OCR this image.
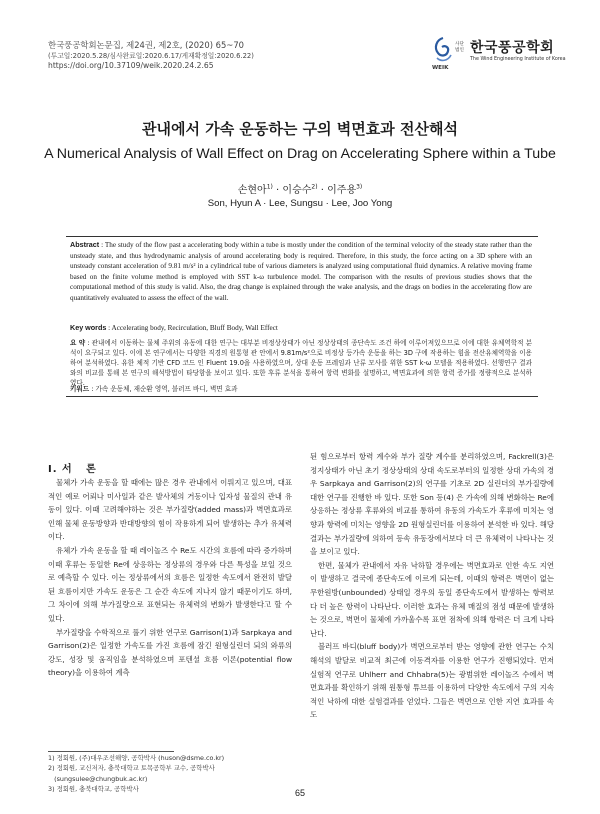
한국풍공학회논문집, 제24권, 제2호, (2020) 65~70
(투고일:2020.5.28/심사완료일:2020.6.17/게재확정일:2020.6.22)
https://doi.org/10.37109/weik.2020.24.2.65
사단
법인 한국풍공학회
The Wind Engineering Institute of Korea
WEIK
관내에서 가속 운동하는 구의 벽면효과 전산해석
A Numerical Analysis of Wall Effect on Drag on Accelerating Sphere within a Tube
손현아$^{1)}$ · 이승수$^{2)}$ · 이주용$^{3)}$
Son, Hyun A · Lee, Sungsu · Lee, Joo Yong

Abstract : The study of the flow past a accelerating body within a tube is mostly under the condition of the terminal velocity of the steady state rather than the unsteady state, and thus hydrodynamic analysis of around accelerating body is required. Therefore, in this study, the force acting on a 3D sphere with an unsteady constant acceleration of 9.81 m/s² in a cylindrical tube of various diameters is analyzed using computational fluid dynamics. A relative moving frame based on the finite volume method is employed with SST k-ω turbulence model. The comparison with the results of previous studies shows that the computational method of this study is valid. Also, the drag change is explained through the wake analysis, and the drags on bodies in the accelerating flow are quantitatively evaluated to assess the effect of the wall.

Key words : Accelerating body, Recirculation, Bluff Body, Wall Effect

요 약 : 관내에서 이동하는 물체 주위의 유동에 대한 연구는 대부분 비정상상태가 아닌 정상상태의 종단속도 조건 하에 이루어져있으므로 이에 대한 유체역학적 분석이 요구되고 있다. 이에 본 연구에서는 다양한 직경의 원통형 관 안에서 9.81m/s²으로 비정상 등가속 운동을 하는 3D 구에 작용하는 힘을 전산유체역학을 이용하여 분석하였다. 유한 체적 기반 CFD 코드 인 Fluent 19.0을 사용하였으며, 상대 운동 프레임과 난류 모사를 위한 SST k-ω 모델을 적용하였다. 선행연구 결과와의 비교를 통해 본 연구의 해석방법이 타당함을 보이고 있다. 또한 후류 분석을 통하여 항력 변화를 설명하고, 벽면효과에 의한 항력 증가를 정량적으로 분석하였다.

키워드 : 가속 운동체, 재순환 영역, 블러프 바디, 벽면 효과

I. 서   론

물체가 가속 운동을 할 때에는 많은 경우 관내에서 이뤄지고 있으며, 대표적인 예로 어뢰나 미사일과 같은 발사체의 거동이나 입자성 물질의 관내 유동이 있다. 이때 고려해야하는 것은 부가질량(added mass)과 벽면효과로 인해 물체 운동방향과 반대방향의 힘이 작용하게 되어 발생하는 추가 유체력이다.

유체가 가속 운동을 할 때 레이놀즈 수 Re도 시간의 흐름에 따라 증가하며 이때 후류는 동일한 Re에 상응하는 정상류의 경우와 다른 특성을 보일 것으로 예측할 수 있다. 이는 정상류에서의 흐름은 일정한 속도에서 완전히 발달된 흐름이지만 가속도 운동은 그 순간 속도에 지나지 않기 때문이기도 하며, 그 차이에 의해 부가질량으로 표현되는 유체력의 변화가 발생한다고 할 수 있다.

부가질량을 수학적으로 풀기 위한 연구로 Garrison(1)과 Sarpkaya and Garrison(2)은 일정한 가속도를 가진 흐름에 잠긴 원형실린더 되의 와류의 강도, 성장 및 움직임을 분석하였으며 포텐셜 흐름 이론(potential flow theory)을 이용하여 계측

된 힘으로부터 항력 계수와 부가 질량 계수를 분리하였으며, Fackrell(3)은 정지상태가 아닌 초기 정상상태의 상대 속도로부터의 일정한 상대 가속의 경우 Sarpkaya and Garrison(2)의 연구를 기초로 2D 실린더의 부가질량에 대한 연구를 진행한 바 있다. 또한 Son 등(4) 은 가속에 의해 변화하는 Re에 상응하는 정상류 후류와의 비교를 통하여 유동의 가속도가 후류에 미치는 영향과 항력에 미치는 영향을 2D 원형실린더를 이용하여 분석한 바 있다. 해당 결과는 부가질량에 의하여 등속 유동장에서보다 더 큰 유체력이 나타나는 것을 보이고 있다.

한편, 물체가 관내에서 자유 낙하할 경우에는 벽면효과로 인한 속도 지연이 발생하고 결국에 종단속도에 이르게 되는데, 이때의 항력은 벽면이 없는 무한원방(unbounded) 상태일 경우의 동일 종단속도에서 발생하는 항력보다 더 높은 항력이 나타난다. 이러한 효과는 유체 매질의 점성 때문에 발생하는 것으로, 벽면이 물체에 가까울수록 표면 점착에 의해 항력은 더 크게 나타난다.

블러프 바디(bluff body)가 벽면으로부터 받는 영향에 관한 연구는 수치 해석의 발달로 비교적 최근에 이동격자를 이용한 연구가 진행되었다. 먼저 실험적 연구로 Uhlherr and Chhabra(5)는 광범위한 레이놀즈 수에서 벽면효과를 확인하기 위해 원통형 튜브를 이용하여 다양한 속도에서 구의 지속적인 낙하에 대한 실험결과를 얻었다. 그들은 벽면으로 인한 지연 효과를 속도

1) 정회원, (주)대우조선해양, 공학박사 (huson@dsme.co.kr)
2) 정회원, 교신저자, 충북대학교 토목공학부 교수, 공학박사
(sungsulee@chungbuk.ac.kr)
3) 정회원, 충북대학교, 공학박사	65
